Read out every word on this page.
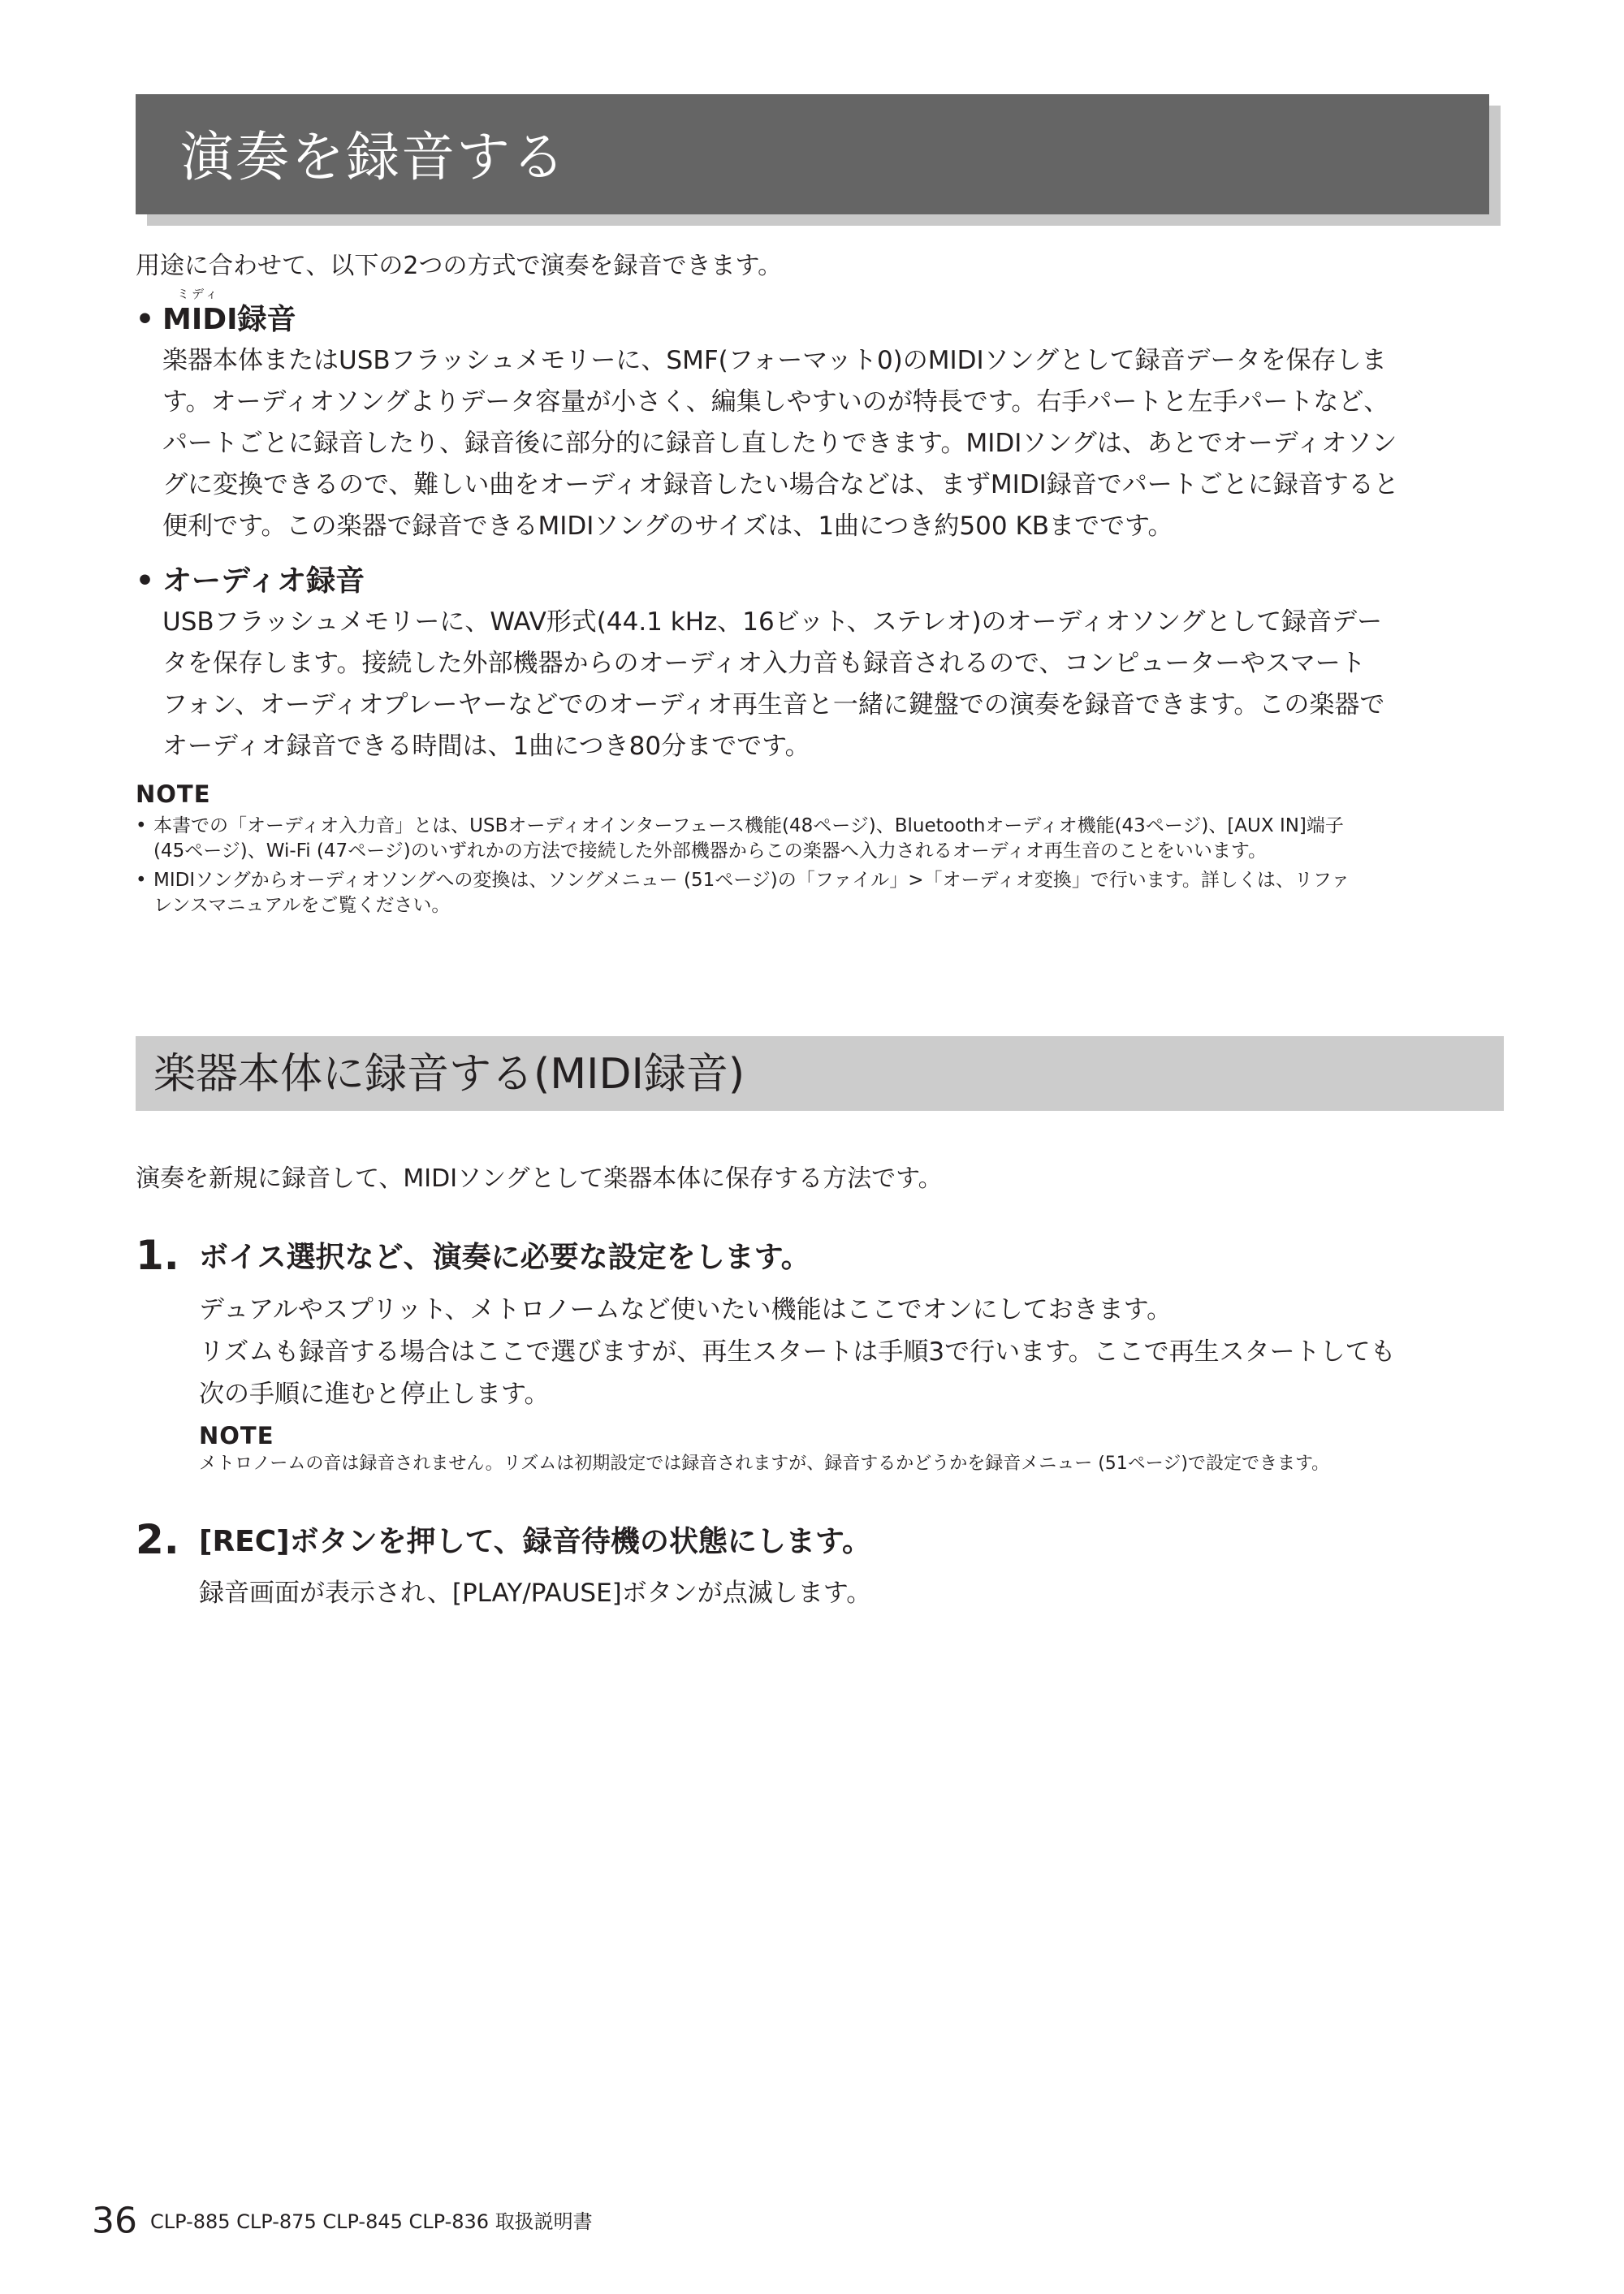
演奏を録音する

用途に合わせて、以下の2つの方式で演奏を録音できます。

ミディ

• MIDI録音

楽器本体またはUSBフラッシュメモリーに、SMF(フォーマット0)のMIDIソングとして録音データを保存しま
す。オーディオソングよりデータ容量が小さく、編集しやすいのが特長です。右手パートと左手パートなど、
パートごとに録音したり、録音後に部分的に録音し直したりできます。MIDIソングは、あとでオーディオソン
グに変換できるので、難しい曲をオーディオ録音したい場合などは、まずMIDI録音でパートごとに録音すると
便利です。この楽器で録音できるMIDIソングのサイズは、1曲につき約500 KBまでです。

• オーディオ録音

USBフラッシュメモリーに、WAV形式(44.1 kHz、16ビット、ステレオ)のオーディオソングとして録音デー
タを保存します。接続した外部機器からのオーディオ入力音も録音されるので、コンピューターやスマート
フォン、オーディオプレーヤーなどでのオーディオ再生音と一緒に鍵盤での演奏を録音できます。この楽器で
オーディオ録音できる時間は、1曲につき80分までです。

NOTE

• 本書での「オーディオ入力音」とは、USBオーディオインターフェース機能(48ページ)、Bluetoothオーディオ機能(43ページ)、[AUX IN]端子
(45ページ)、Wi-Fi (47ページ)のいずれかの方法で接続した外部機器からこの楽器へ入力されるオーディオ再生音のことをいいます。
• MIDIソングからオーディオソングへの変換は、ソングメニュー (51ページ)の「ファイル」>「オーディオ変換」で行います。詳しくは、リファ
レンスマニュアルをご覧ください。
楽器本体に録音する(MIDI録音)

演奏を新規に録音して、MIDIソングとして楽器本体に保存する方法です。

1. ボイス選択など、演奏に必要な設定をします。

デュアルやスプリット、メトロノームなど使いたい機能はここでオンにしておきます。
リズムも録音する場合はここで選びますが、再生スタートは手順3で行います。ここで再生スタートしても
次の手順に進むと停止します。

NOTE

メトロノームの音は録音されません。リズムは初期設定では録音されますが、録音するかどうかを録音メニュー (51ページ)で設定できます。

2. [REC]ボタンを押して、録音待機の状態にします。

録音画面が表示され、[PLAY/PAUSE]ボタンが点滅します。

36 CLP-885 CLP-875 CLP-845 CLP-836 取扱説明書
